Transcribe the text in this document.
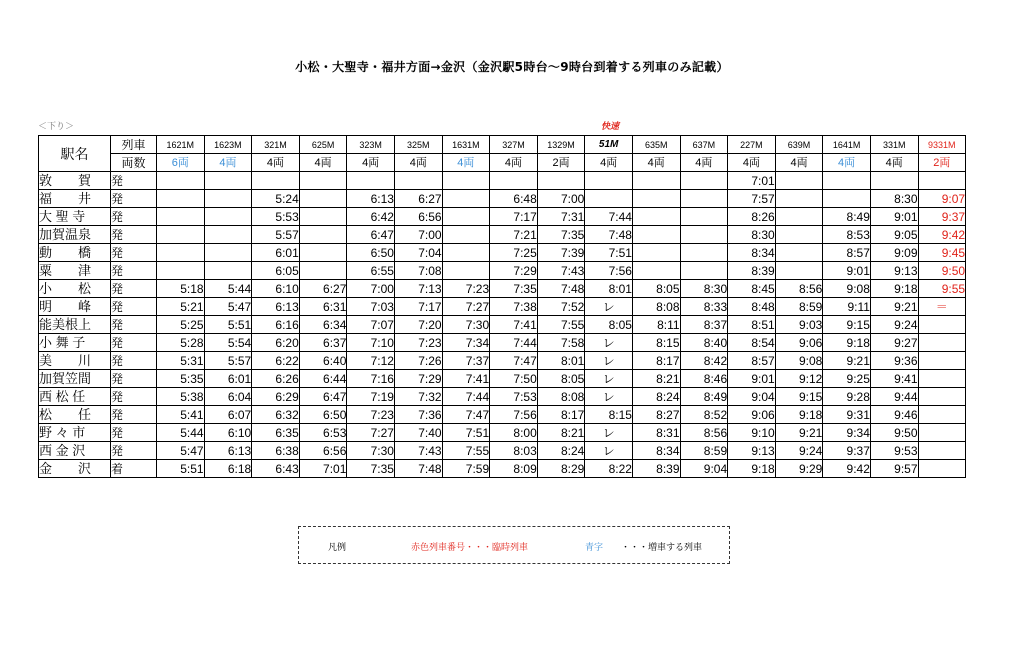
小松・大聖寺・福井方面→金沢（金沢駅5時台～9時台到着する列車のみ記載）
＜下り＞	快速
駅名	列車	1621M	1623M	321M	625M	323M	325M	1631M	327M	1329M	51M	635M	637M	227M	639M	1641M	331M	9331M
	両数	6両	4両	4両	4両	4両	4両	4両	4両	2両	4両	4両	4両	4両	4両	4両	4両	2両
敦　　賀	発													7:01				
福　　井	発			5:24		6:13	6:27		6:48	7:00				7:57			8:30	9:07
大 聖 寺	発			5:53		6:42	6:56		7:17	7:31	7:44			8:26		8:49	9:01	9:37
加賀温泉	発			5:57		6:47	7:00		7:21	7:35	7:48			8:30		8:53	9:05	9:42
動　　橋	発			6:01		6:50	7:04		7:25	7:39	7:51			8:34		8:57	9:09	9:45
粟　　津	発			6:05		6:55	7:08		7:29	7:43	7:56			8:39		9:01	9:13	9:50
小　　松	発	5:18	5:44	6:10	6:27	7:00	7:13	7:23	7:35	7:48	8:01	8:05	8:30	8:45	8:56	9:08	9:18	9:55
明　　峰	発	5:21	5:47	6:13	6:31	7:03	7:17	7:27	7:38	7:52	レ	8:08	8:33	8:48	8:59	9:11	9:21	＝
能美根上	発	5:25	5:51	6:16	6:34	7:07	7:20	7:30	7:41	7:55	8:05	8:11	8:37	8:51	9:03	9:15	9:24	
小 舞 子	発	5:28	5:54	6:20	6:37	7:10	7:23	7:34	7:44	7:58	レ	8:15	8:40	8:54	9:06	9:18	9:27	
美　　川	発	5:31	5:57	6:22	6:40	7:12	7:26	7:37	7:47	8:01	レ	8:17	8:42	8:57	9:08	9:21	9:36	
加賀笠間	発	5:35	6:01	6:26	6:44	7:16	7:29	7:41	7:50	8:05	レ	8:21	8:46	9:01	9:12	9:25	9:41	
西 松 任	発	5:38	6:04	6:29	6:47	7:19	7:32	7:44	7:53	8:08	レ	8:24	8:49	9:04	9:15	9:28	9:44	
松　　任	発	5:41	6:07	6:32	6:50	7:23	7:36	7:47	7:56	8:17	8:15	8:27	8:52	9:06	9:18	9:31	9:46	
野 々 市	発	5:44	6:10	6:35	6:53	7:27	7:40	7:51	8:00	8:21	レ	8:31	8:56	9:10	9:21	9:34	9:50	
西 金 沢	発	5:47	6:13	6:38	6:56	7:30	7:43	7:55	8:03	8:24	レ	8:34	8:59	9:13	9:24	9:37	9:53	
金　　沢	着	5:51	6:18	6:43	7:01	7:35	7:48	7:59	8:09	8:29	8:22	8:39	9:04	9:18	9:29	9:42	9:57	
凡例	赤色列車番号・・・臨時列車	青字 ・・・増車する列車
